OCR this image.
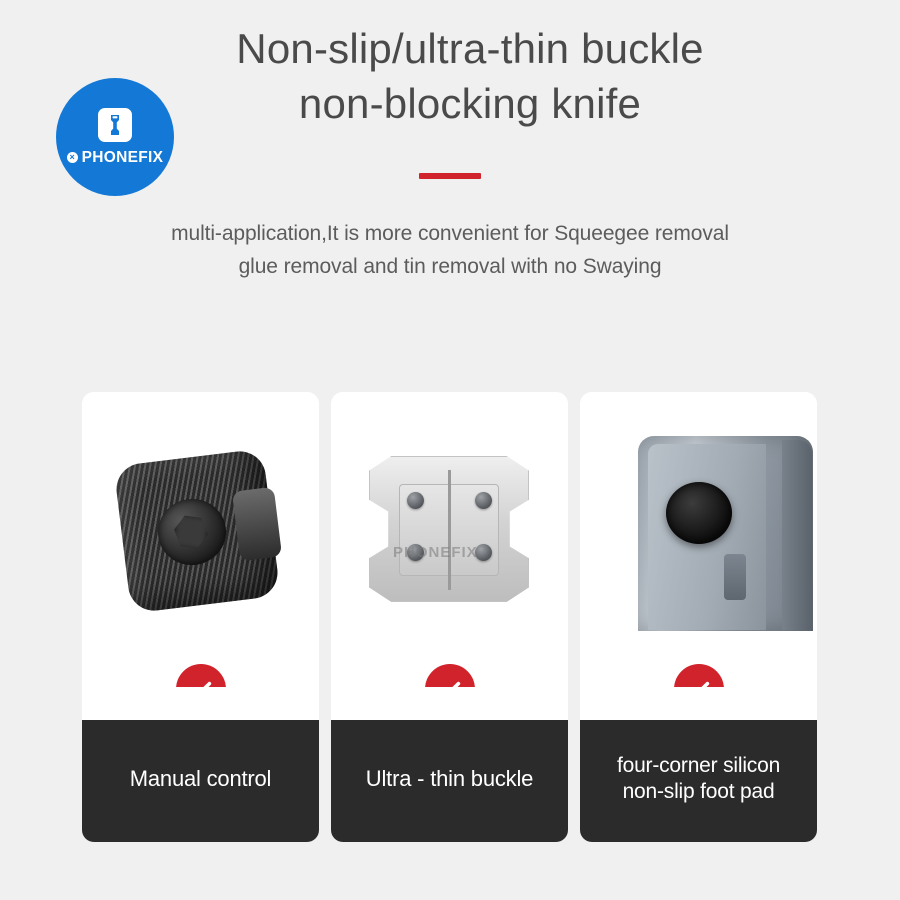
Non-slip/ultra-thin buckle
non-blocking knife
multi-application,It is more convenient for Squeegee removal
glue removal and tin removal with no Swaying
× PHONEFIX
Manual control
PHONEFIX
Ultra - thin buckle
four-corner silicon
non-slip foot pad
